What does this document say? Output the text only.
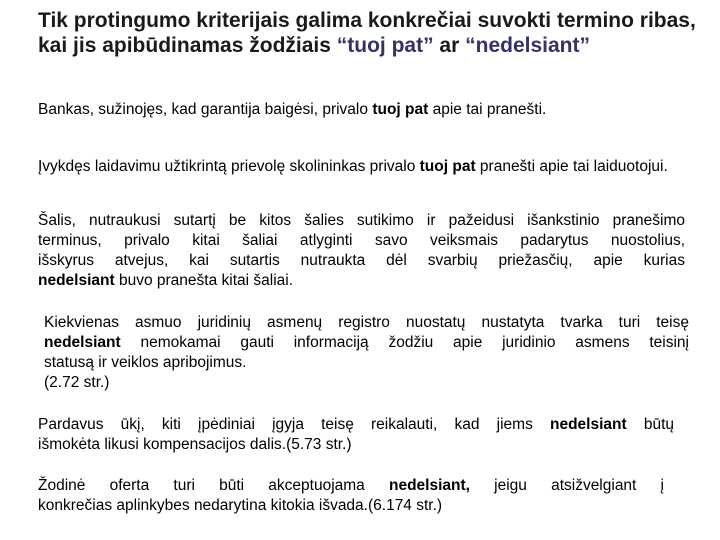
Tik protingumo kriterijais galima konkrečiai suvokti termino ribas, kai jis apibūdinamas žodžiais “tuoj pat” ar “nedelsiant”

Bankas, sužinojęs, kad garantija baigėsi, privalo tuoj pat apie tai pranešti.

Įvykdęs laidavimu užtikrintą prievolę skolininkas privalo tuoj pat pranešti apie tai laiduotojui.

Šalis, nutraukusi sutartį be kitos šalies sutikimo ir pažeidusi išankstinio pranešimo
terminus, privalo kitai šaliai atlyginti savo veiksmais padarytus nuostolius,
išskyrus atvejus, kai sutartis nutraukta dėl svarbių priežasčių, apie kurias
nedelsiant buvo pranešta kitai šaliai.

Kiekvienas asmuo juridinių asmenų registro nuostatų nustatyta tvarka turi teisę
nedelsiant nemokamai gauti informaciją žodžiu apie juridinio asmens teisinį
statusą ir veiklos apribojimus.
(2.72 str.)

Pardavus ūkį, kiti įpėdiniai įgyja teisę reikalauti, kad jiems nedelsiant būtų
išmokėta likusi kompensacijos dalis.(5.73 str.)

Žodinė oferta turi būti akceptuojama nedelsiant, jeigu atsižvelgiant į
konkrečias aplinkybes nedarytina kitokia išvada.(6.174 str.)
